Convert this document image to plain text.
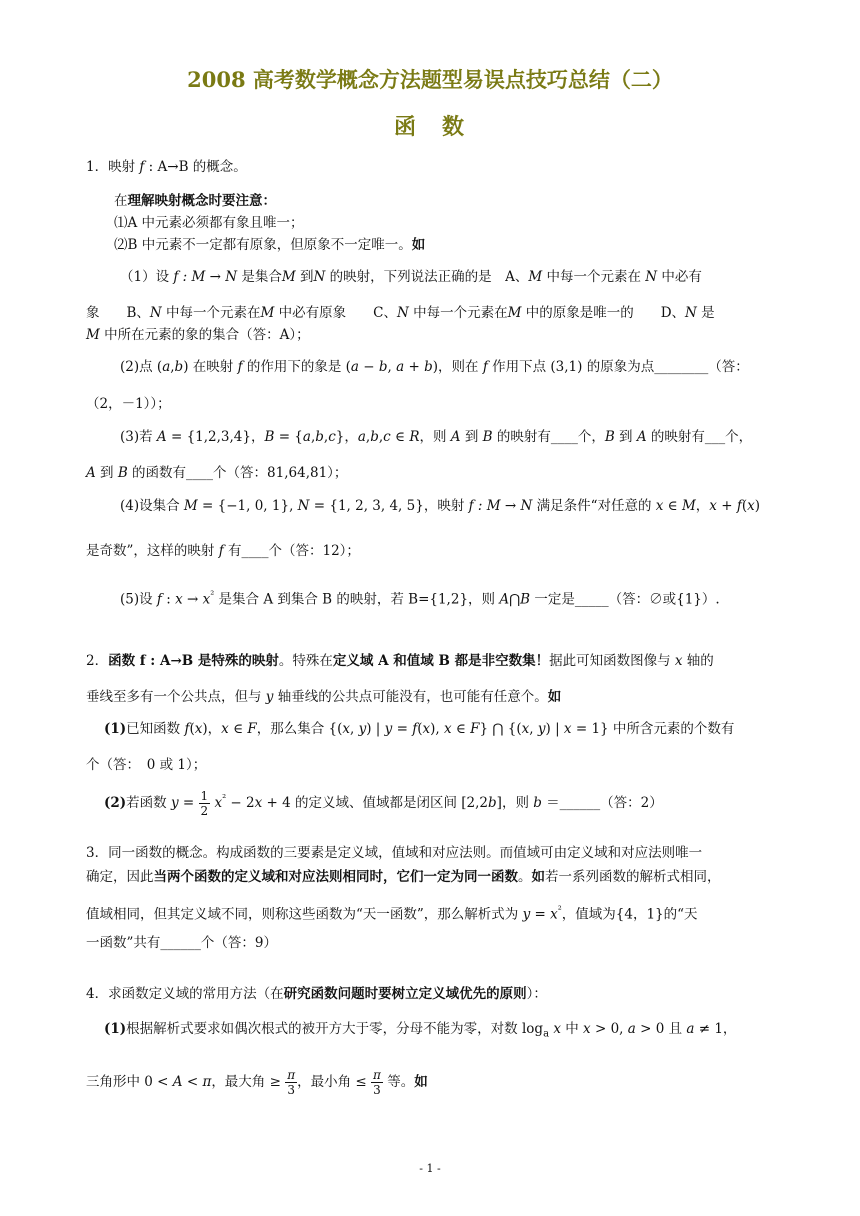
2008 高考数学概念方法题型易误点技巧总结（二）
函　数
1．映射 f : A→B 的概念。
在理解映射概念时要注意：
⑴A 中元素必须都有象且唯一；
⑵B 中元素不一定都有原象，但原象不一定唯一。如
（1）设 f : M → N 是集合M 到N 的映射，下列说法正确的是　A、M 中每一个元素在 N 中必有
象　　B、N 中每一个元素在M 中必有原象　　C、N 中每一个元素在M 中的原象是唯一的　　D、N 是
M 中所在元素的象的集合（答：A）；
(2)点 (a,b) 在映射 f 的作用下的象是 (a − b, a + b)，则在 f 作用下点 (3,1) 的原象为点________（答：
（2，－1））；
(3)若 A = {1,2,3,4}，B = {a,b,c}，a,b,c ∈ R，则 A 到 B 的映射有____个，B 到 A 的映射有___个，
A 到 B 的函数有____个（答：81,64,81）；
(4)设集合 M = {−1, 0, 1}, N = {1, 2, 3, 4, 5}，映射 f : M → N 满足条件“对任意的 x ∈ M，x + f(x)
是奇数”，这样的映射 f 有____个（答：12）；
(5)设 f : $x \to x^{^2}$ 是集合 A 到集合 B 的映射，若 B={1,2}，则 A⋂B 一定是_____（答：∅或{1}）.
2．函数 f : A→B 是特殊的映射。特殊在定义域 A 和值域 B 都是非空数集！据此可知函数图像与 x 轴的
垂线至多有一个公共点，但与 y 轴垂线的公共点可能没有，也可能有任意个。如
(1)已知函数 f(x)，x ∈ F，那么集合 {(x, y) | y = f(x), x ∈ F} ⋂ {(x, y) | x = 1} 中所含元素的个数有
个（答：　0 或 1）；
(2)若函数 $y = \frac{1}{2} x^{^2} - 2x + 4$ 的定义域、值域都是闭区间 [2,2b]，则 b ＝______（答：2）
3．同一函数的概念。构成函数的三要素是定义域，值域和对应法则。而值域可由定义域和对应法则唯一
确定，因此当两个函数的定义域和对应法则相同时，它们一定为同一函数。如若一系列函数的解析式相同，
值域相同，但其定义域不同，则称这些函数为“天一函数”，那么解析式为 $y = x^{^2}$，值域为{4，1}的“天
一函数”共有______个（答：9）
4．求函数定义域的常用方法（在研究函数问题时要树立定义域优先的原则）：
(1)根据解析式要求如偶次根式的被开方大于零，分母不能为零，对数 $\log_a x$ 中 x > 0, a > 0 且 a ≠ 1，
三角形中 0 < A < π，最大角 ≥ $\frac{\pi}{3}$ ，最小角 ≤ $\frac{\pi}{3}$ 等。如
- 1 -
